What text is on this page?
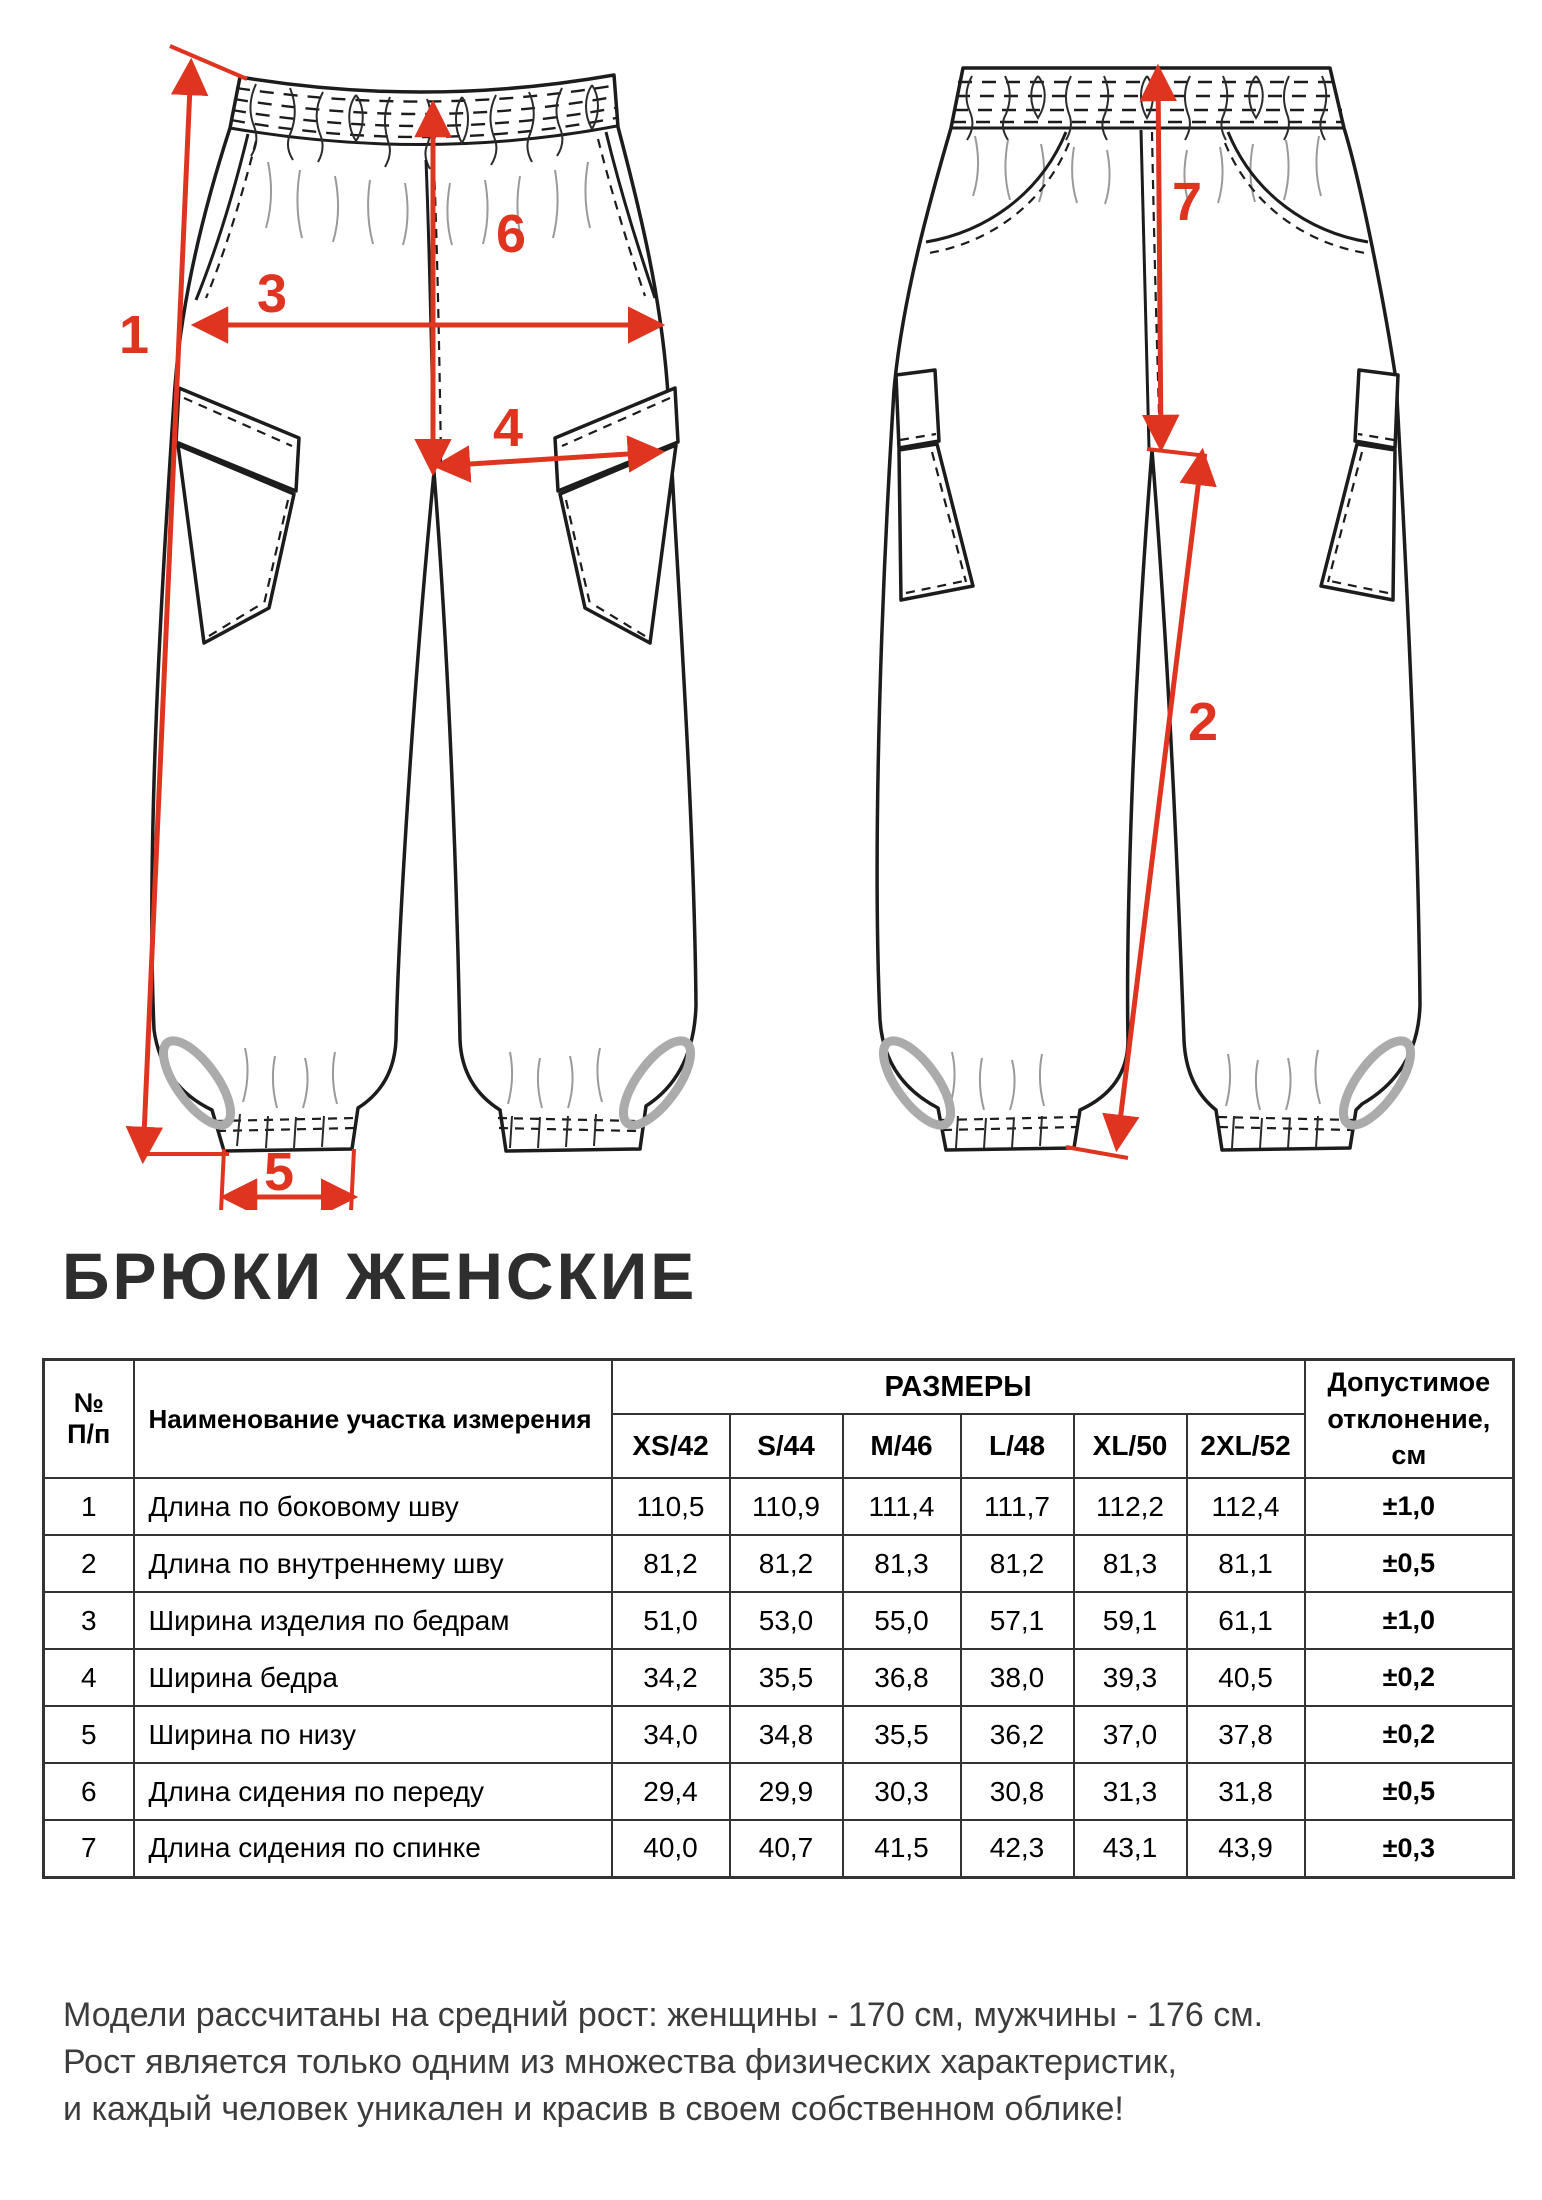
1
3
6
4
5
7
2
БРЮКИ ЖЕНСКИЕ
№
П/п	Наименование участка измерения	РАЗМЕРЫ						Допустимое отклонение, см
		XS/42	S/44	M/46	L/48	XL/50	2XL/52	
1	Длина по боковому шву	110,5	110,9	111,4	111,7	112,2	112,4	±1,0
2	Длина по внутреннему шву	81,2	81,2	81,3	81,2	81,3	81,1	±0,5
3	Ширина изделия по бедрам	51,0	53,0	55,0	57,1	59,1	61,1	±1,0
4	Ширина бедра	34,2	35,5	36,8	38,0	39,3	40,5	±0,2
5	Ширина по низу	34,0	34,8	35,5	36,2	37,0	37,8	±0,2
6	Длина сидения по переду	29,4	29,9	30,3	30,8	31,3	31,8	±0,5
7	Длина сидения по спинке	40,0	40,7	41,5	42,3	43,1	43,9	±0,3

Модели рассчитаны на средний рост: женщины - 170 см, мужчины - 176 см.

Рост является только одним из множества физических характеристик,

и каждый человек уникален и красив в своем собственном облике!
